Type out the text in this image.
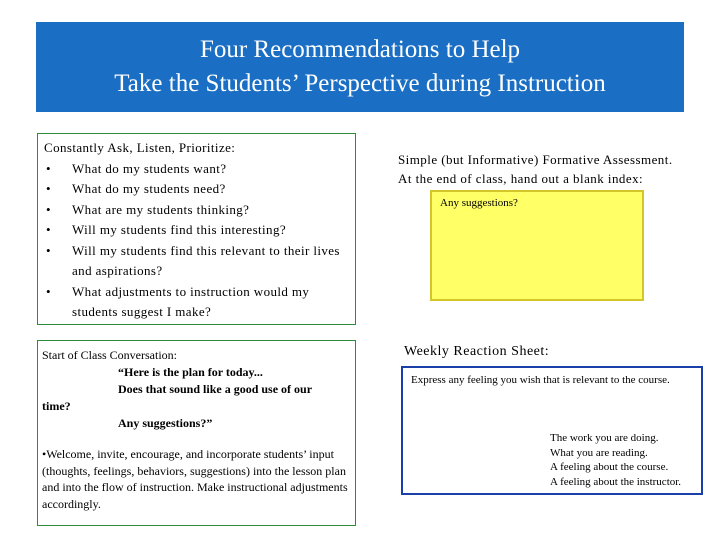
Four Recommendations to Help
Take the Students’ Perspective during Instruction
Constantly Ask, Listen, Prioritize:
• What do my students want?
• What do my students need?
• What are my students thinking?
• Will my students find this interesting?
• Will my students find this relevant to their lives and aspirations?
• What adjustments to instruction would my students suggest I make?
Start of Class Conversation:
“Here is the plan for today...
Does that sound like a good use of our
time?
Any suggestions?”
•Welcome, invite, encourage, and incorporate students’ input (thoughts, feelings, behaviors, suggestions) into the lesson plan and into the flow of instruction. Make instructional adjustments accordingly.
Simple (but Informative) Formative Assessment.
At the end of class, hand out a blank index:
Any suggestions?
Weekly Reaction Sheet:
Express any feeling you wish that is relevant to the course.
The work you are doing.
What you are reading.
A feeling about the course.
A feeling about the instructor.
